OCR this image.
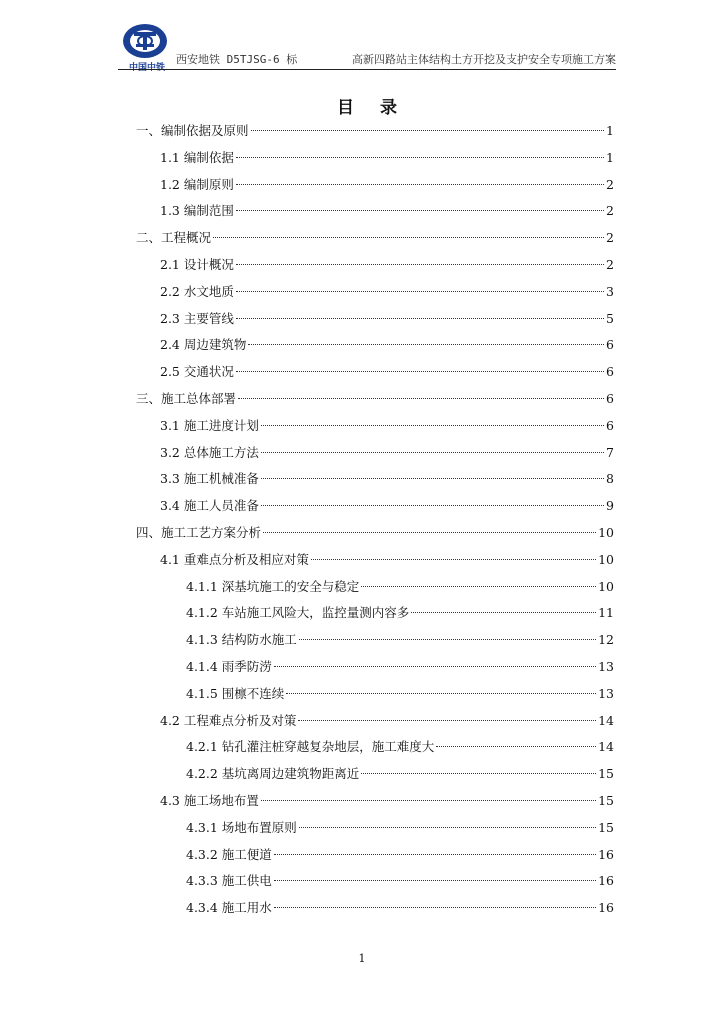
中国中铁
西安地铁 D5TJSG-6 标	高新四路站主体结构土方开挖及支护安全专项施工方案
目 录
一、编制依据及原则	1
1.1 编制依据	1
1.2 编制原则	2
1.3 编制范围	2
二、工程概况	2
2.1 设计概况	2
2.2 水文地质	3
2.3 主要管线	5
2.4 周边建筑物	6
2.5 交通状况	6
三、施工总体部署	6
3.1 施工进度计划	6
3.2 总体施工方法	7
3.3 施工机械准备	8
3.4 施工人员准备	9
四、施工工艺方案分析	10
4.1 重难点分析及相应对策	10
4.1.1 深基坑施工的安全与稳定	10
4.1.2 车站施工风险大，监控量测内容多	11
4.1.3 结构防水施工	12
4.1.4 雨季防涝	13
4.1.5 围檩不连续	13
4.2 工程难点分析及对策	14
4.2.1 钻孔灌注桩穿越复杂地层，施工难度大	14
4.2.2 基坑离周边建筑物距离近	15
4.3 施工场地布置	15
4.3.1 场地布置原则	15
4.3.2 施工便道	16
4.3.3 施工供电	16
4.3.4 施工用水	16
1
